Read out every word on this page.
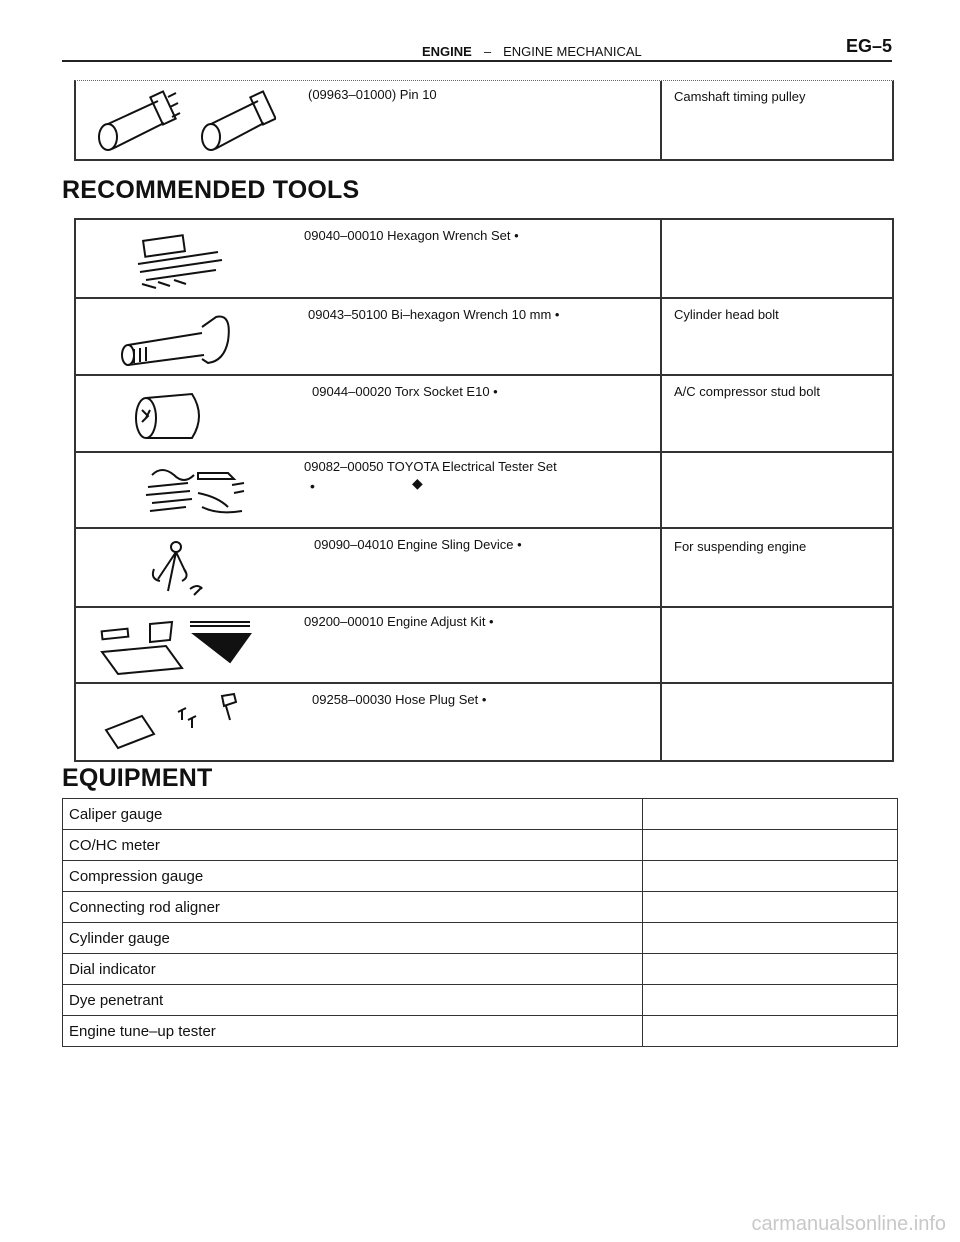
ENGINE – ENGINE MECHANICAL	EG–5
(09963–01000) Pin 10	Camshaft timing pulley
RECOMMENDED TOOLS
09040–00010 Hexagon Wrench Set •
09043–50100 Bi–hexagon Wrench 10 mm •	Cylinder head bolt
09044–00020 Torx Socket E10 •	A/C compressor stud bolt
09082–00050 TOYOTA Electrical Tester Set
•	◆
09090–04010 Engine Sling Device •	For suspending engine
09200–00010 Engine Adjust Kit •
09258–00030 Hose Plug Set •
EQUIPMENT
Caliper gauge	
CO/HC meter	
Compression gauge	
Connecting rod aligner	
Cylinder gauge	
Dial indicator	
Dye penetrant	
Engine tune–up tester	
carmanualsonline.info
